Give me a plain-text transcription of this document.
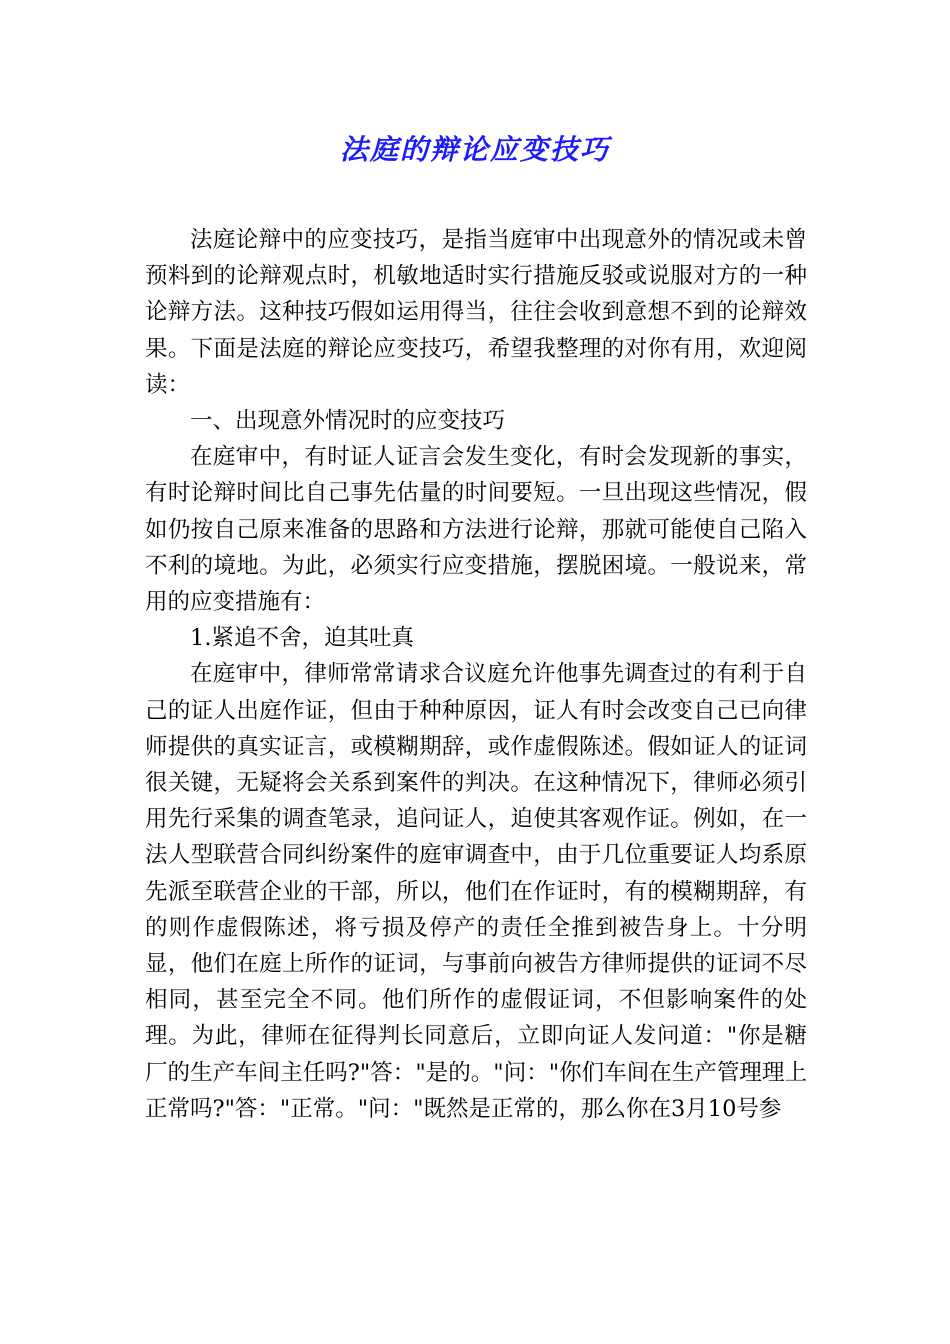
法庭的辩论应变技巧

法庭论辩中的应变技巧，是指当庭审中出现意外的情况或未曾预料到的论辩观点时，机敏地适时实行措施反驳或说服对方的一种论辩方法。这种技巧假如运用得当，往往会收到意想不到的论辩效果。下面是法庭的辩论应变技巧，希望我整理的对你有用，欢迎阅读：

一、出现意外情况时的应变技巧

在庭审中，有时证人证言会发生变化，有时会发现新的事实，有时论辩时间比自己事先估量的时间要短。一旦出现这些情况，假如仍按自己原来准备的思路和方法进行论辩，那就可能使自己陷入不利的境地。为此，必须实行应变措施，摆脱困境。一般说来，常用的应变措施有：

1.紧追不舍，迫其吐真

在庭审中，律师常常请求合议庭允许他事先调查过的有利于自己的证人出庭作证，但由于种种原因，证人有时会改变自己已向律师提供的真实证言，或模糊期辞，或作虚假陈述。假如证人的证词很关键，无疑将会关系到案件的判决。在这种情况下，律师必须引用先行采集的调查笔录，追问证人，迫使其客观作证。例如，在一法人型联营合同纠纷案件的庭审调查中，由于几位重要证人均系原先派至联营企业的干部，所以，他们在作证时，有的模糊期辞，有的则作虚假陈述，将亏损及停产的责任全推到被告身上。十分明显，他们在庭上所作的证词，与事前向被告方律师提供的证词不尽相同，甚至完全不同。他们所作的虚假证词，不但影响案件的处理。为此，律师在征得判长同意后，立即向证人发问道："你是糖厂的生产车间主任吗?"答："是的。"问："你们车间在生产管理理上正常吗?"答："正常。"问："既然是正常的，那么你在3月10号参
